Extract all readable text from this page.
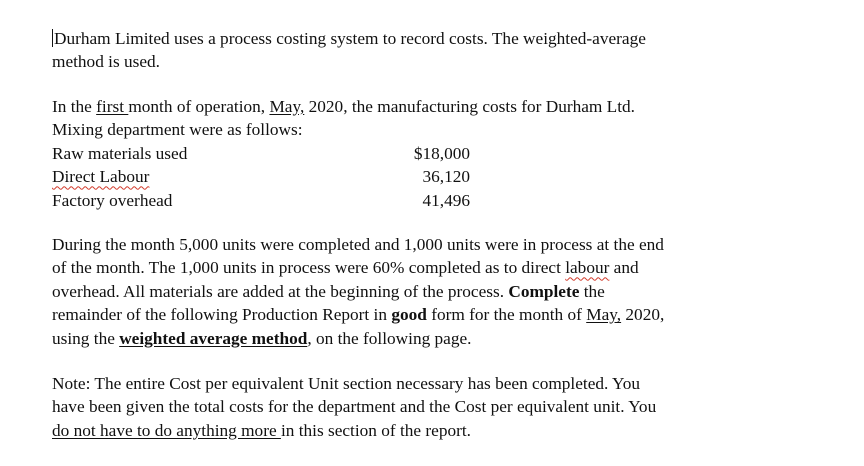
Durham Limited uses a process costing system to record costs. The weighted-average
method is used.

In the first month of operation, May, 2020, the manufacturing costs for Durham Ltd.
Mixing department were as follows:

Raw materials used	$18,000
Direct Labour	36,120
Factory overhead	41,496

During the month 5,000 units were completed and 1,000 units were in process at the end
of the month. The 1,000 units in process were 60% completed as to direct labour and
overhead. All materials are added at the beginning of the process. Complete the
remainder of the following Production Report in good form for the month of May, 2020,
using the weighted average method, on the following page.

Note: The entire Cost per equivalent Unit section necessary has been completed. You
have been given the total costs for the department and the Cost per equivalent unit. You
do not have to do anything more in this section of the report.
